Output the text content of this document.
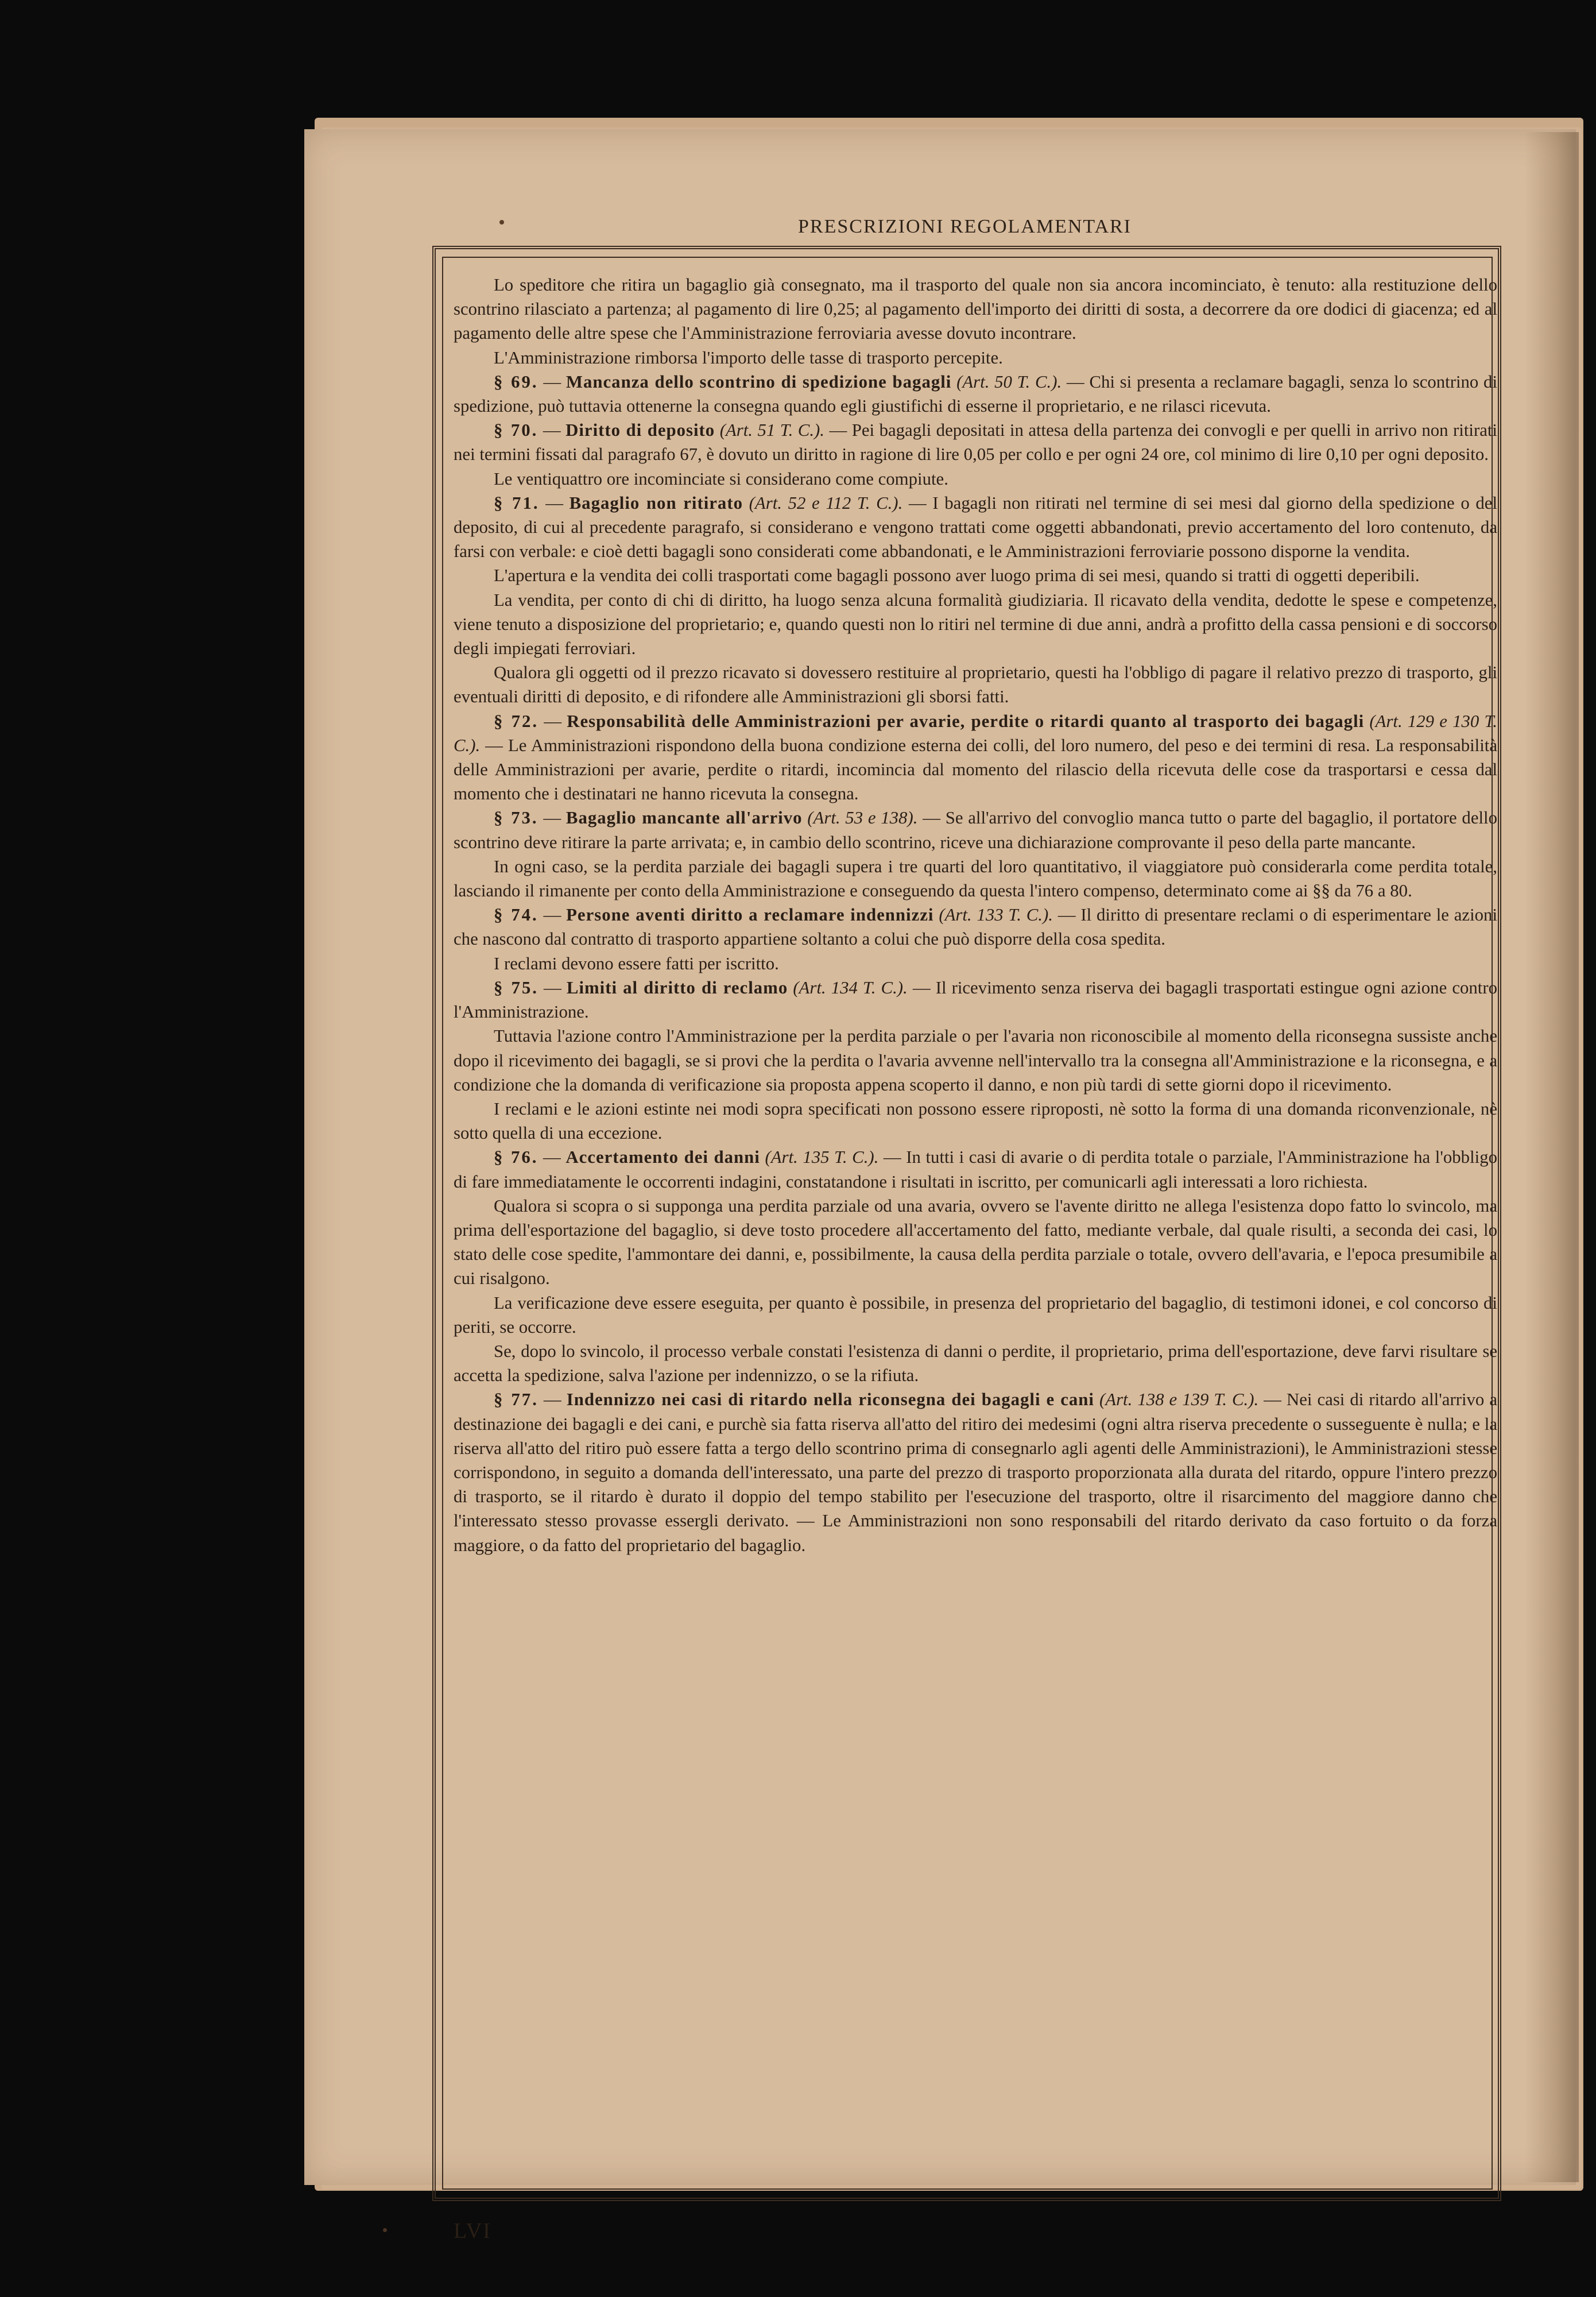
PRESCRIZIONI REGOLAMENTARI

Lo speditore che ritira un bagaglio già consegnato, ma il trasporto del quale non sia ancora incominciato, è tenuto: alla restituzione dello scontrino rilasciato a partenza; al pagamento di lire 0,25; al pagamento dell'importo dei diritti di sosta, a decorrere da ore dodici di giacenza; ed al pagamento delle altre spese che l'Amministrazione ferroviaria avesse dovuto incontrare.

L'Amministrazione rimborsa l'importo delle tasse di trasporto percepite.

§ 69. — Mancanza dello scontrino di spedizione bagagli (Art. 50 T. C.). — Chi si presenta a reclamare bagagli, senza lo scontrino di spedizione, può tuttavia ottenerne la consegna quando egli giustifichi di esserne il proprietario, e ne rilasci ricevuta.

§ 70. — Diritto di deposito (Art. 51 T. C.). — Pei bagagli depositati in attesa della partenza dei convogli e per quelli in arrivo non ritirati nei termini fissati dal paragrafo 67, è dovuto un diritto in ragione di lire 0,05 per collo e per ogni 24 ore, col minimo di lire 0,10 per ogni deposito.

Le ventiquattro ore incominciate si considerano come compiute.

§ 71. — Bagaglio non ritirato (Art. 52 e 112 T. C.). — I bagagli non ritirati nel termine di sei mesi dal giorno della spedizione o del deposito, di cui al precedente paragrafo, si considerano e vengono trattati come oggetti abbandonati, previo accertamento del loro contenuto, da farsi con verbale: e cioè detti bagagli sono considerati come abbandonati, e le Amministrazioni ferroviarie possono disporne la vendita.

L'apertura e la vendita dei colli trasportati come bagagli possono aver luogo prima di sei mesi, quando si tratti di oggetti deperibili.

La vendita, per conto di chi di diritto, ha luogo senza alcuna formalità giudiziaria. Il ricavato della vendita, dedotte le spese e competenze, viene tenuto a disposizione del proprietario; e, quando questi non lo ritiri nel termine di due anni, andrà a profitto della cassa pensioni e di soccorso degli impiegati ferroviari.

Qualora gli oggetti od il prezzo ricavato si dovessero restituire al proprietario, questi ha l'obbligo di pagare il relativo prezzo di trasporto, gli eventuali diritti di deposito, e di rifondere alle Amministrazioni gli sborsi fatti.

§ 72. — Responsabilità delle Amministrazioni per avarie, perdite o ritardi quanto al trasporto dei bagagli (Art. 129 e 130 T. C.). — Le Amministrazioni rispondono della buona condizione esterna dei colli, del loro numero, del peso e dei termini di resa. La responsabilità delle Amministrazioni per avarie, perdite o ritardi, incomincia dal momento del rilascio della ricevuta delle cose da trasportarsi e cessa dal momento che i destinatari ne hanno ricevuta la consegna.

§ 73. — Bagaglio mancante all'arrivo (Art. 53 e 138). — Se all'arrivo del convoglio manca tutto o parte del bagaglio, il portatore dello scontrino deve ritirare la parte arrivata; e, in cambio dello scontrino, riceve una dichiarazione comprovante il peso della parte mancante.

In ogni caso, se la perdita parziale dei bagagli supera i tre quarti del loro quantitativo, il viaggiatore può considerarla come perdita totale, lasciando il rimanente per conto della Amministrazione e conseguendo da questa l'intero compenso, determinato come ai §§ da 76 a 80.

§ 74. — Persone aventi diritto a reclamare indennizzi (Art. 133 T. C.). — Il diritto di presentare reclami o di esperimentare le azioni che nascono dal contratto di trasporto appartiene soltanto a colui che può disporre della cosa spedita.

I reclami devono essere fatti per iscritto.

§ 75. — Limiti al diritto di reclamo (Art. 134 T. C.). — Il ricevimento senza riserva dei bagagli trasportati estingue ogni azione contro l'Amministrazione.

Tuttavia l'azione contro l'Amministrazione per la perdita parziale o per l'avaria non riconoscibile al momento della riconsegna sussiste anche dopo il ricevimento dei bagagli, se si provi che la perdita o l'avaria avvenne nell'intervallo tra la consegna all'Amministrazione e la riconsegna, e a condizione che la domanda di verificazione sia proposta appena scoperto il danno, e non più tardi di sette giorni dopo il ricevimento.

I reclami e le azioni estinte nei modi sopra specificati non possono essere riproposti, nè sotto la forma di una domanda riconvenzionale, nè sotto quella di una eccezione.

§ 76. — Accertamento dei danni (Art. 135 T. C.). — In tutti i casi di avarie o di perdita totale o parziale, l'Amministrazione ha l'obbligo di fare immediatamente le occorrenti indagini, constatandone i risultati in iscritto, per comunicarli agli interessati a loro richiesta.

Qualora si scopra o si supponga una perdita parziale od una avaria, ovvero se l'avente diritto ne allega l'esistenza dopo fatto lo svincolo, ma prima dell'esportazione del bagaglio, si deve tosto procedere all'accertamento del fatto, mediante verbale, dal quale risulti, a seconda dei casi, lo stato delle cose spedite, l'ammontare dei danni, e, possibilmente, la causa della perdita parziale o totale, ovvero dell'avaria, e l'epoca presumibile a cui risalgono.

La verificazione deve essere eseguita, per quanto è possibile, in presenza del proprietario del bagaglio, di testimoni idonei, e col concorso di periti, se occorre.

Se, dopo lo svincolo, il processo verbale constati l'esistenza di danni o perdite, il proprietario, prima dell'esportazione, deve farvi risultare se accetta la spedizione, salva l'azione per indennizzo, o se la rifiuta.

§ 77. — Indennizzo nei casi di ritardo nella riconsegna dei bagagli e cani (Art. 138 e 139 T. C.). — Nei casi di ritardo all'arrivo a destinazione dei bagagli e dei cani, e purchè sia fatta riserva all'atto del ritiro dei medesimi (ogni altra riserva precedente o susseguente è nulla; e la riserva all'atto del ritiro può essere fatta a tergo dello scontrino prima di consegnarlo agli agenti delle Amministrazioni), le Amministrazioni stesse corrispondono, in seguito a domanda dell'interessato, una parte del prezzo di trasporto proporzionata alla durata del ritardo, oppure l'intero prezzo di trasporto, se il ritardo è durato il doppio del tempo stabilito per l'esecuzione del trasporto, oltre il risarcimento del maggiore danno che l'interessato stesso provasse essergli derivato. — Le Amministrazioni non sono responsabili del ritardo derivato da caso fortuito o da forza maggiore, o da fatto del proprietario del bagaglio.

LVI
